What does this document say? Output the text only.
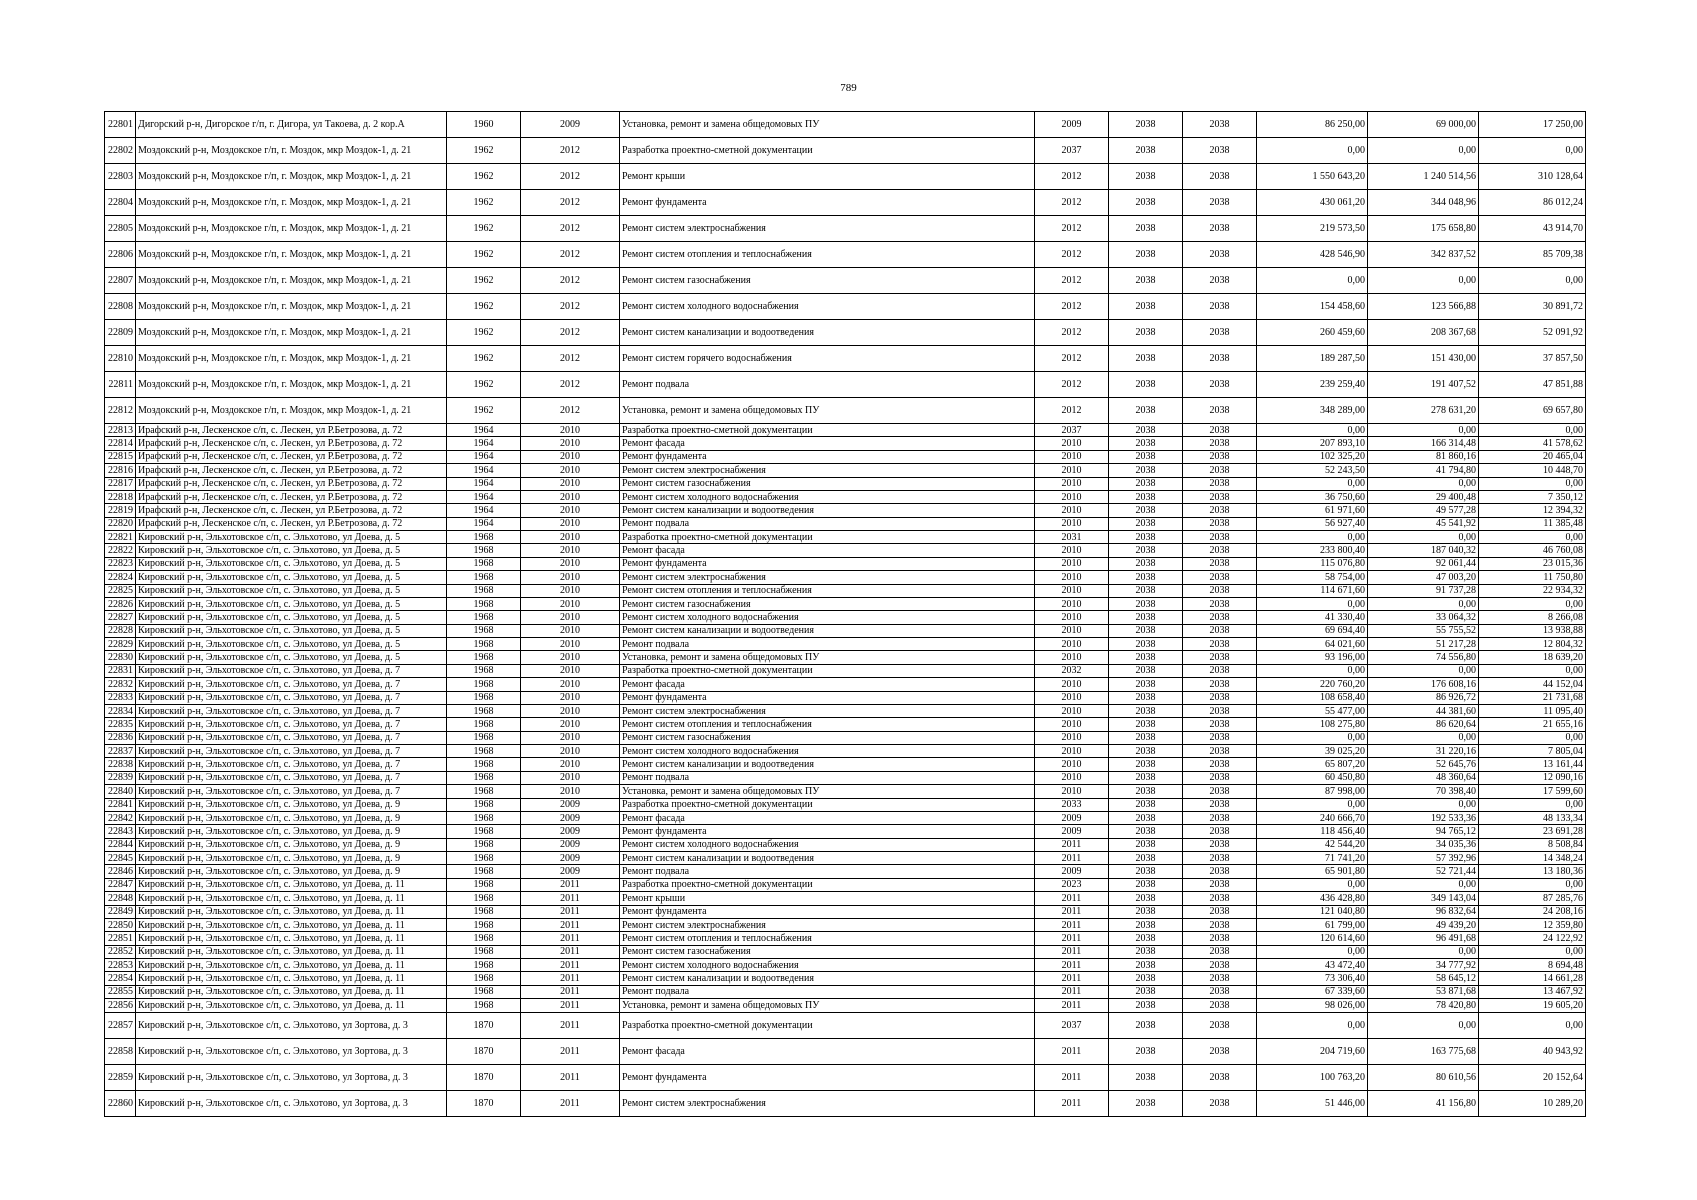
789
22801	Дигорский р-н, Дигорское г/п, г. Дигора, ул Такоева, д. 2 кор.А	1960	2009	Установка, ремонт и замена общедомовых ПУ	2009	2038	2038	86 250,00	69 000,00	17 250,00
22802	Моздокский р-н, Моздокское г/п, г. Моздок, мкр Моздок-1, д. 21	1962	2012	Разработка проектно-сметной документации	2037	2038	2038	0,00	0,00	0,00
22803	Моздокский р-н, Моздокское г/п, г. Моздок, мкр Моздок-1, д. 21	1962	2012	Ремонт крыши	2012	2038	2038	1 550 643,20	1 240 514,56	310 128,64
22804	Моздокский р-н, Моздокское г/п, г. Моздок, мкр Моздок-1, д. 21	1962	2012	Ремонт фундамента	2012	2038	2038	430 061,20	344 048,96	86 012,24
22805	Моздокский р-н, Моздокское г/п, г. Моздок, мкр Моздок-1, д. 21	1962	2012	Ремонт систем электроснабжения	2012	2038	2038	219 573,50	175 658,80	43 914,70
22806	Моздокский р-н, Моздокское г/п, г. Моздок, мкр Моздок-1, д. 21	1962	2012	Ремонт систем отопления и теплоснабжения	2012	2038	2038	428 546,90	342 837,52	85 709,38
22807	Моздокский р-н, Моздокское г/п, г. Моздок, мкр Моздок-1, д. 21	1962	2012	Ремонт систем газоснабжения	2012	2038	2038	0,00	0,00	0,00
22808	Моздокский р-н, Моздокское г/п, г. Моздок, мкр Моздок-1, д. 21	1962	2012	Ремонт систем холодного водоснабжения	2012	2038	2038	154 458,60	123 566,88	30 891,72
22809	Моздокский р-н, Моздокское г/п, г. Моздок, мкр Моздок-1, д. 21	1962	2012	Ремонт систем канализации и водоотведения	2012	2038	2038	260 459,60	208 367,68	52 091,92
22810	Моздокский р-н, Моздокское г/п, г. Моздок, мкр Моздок-1, д. 21	1962	2012	Ремонт систем горячего водоснабжения	2012	2038	2038	189 287,50	151 430,00	37 857,50
22811	Моздокский р-н, Моздокское г/п, г. Моздок, мкр Моздок-1, д. 21	1962	2012	Ремонт подвала	2012	2038	2038	239 259,40	191 407,52	47 851,88
22812	Моздокский р-н, Моздокское г/п, г. Моздок, мкр Моздок-1, д. 21	1962	2012	Установка, ремонт и замена общедомовых ПУ	2012	2038	2038	348 289,00	278 631,20	69 657,80
22813	Ирафский р-н, Лескенское с/п, с. Лескен, ул Р.Бетрозова, д. 72	1964	2010	Разработка проектно-сметной документации	2037	2038	2038	0,00	0,00	0,00
22814	Ирафский р-н, Лескенское с/п, с. Лескен, ул Р.Бетрозова, д. 72	1964	2010	Ремонт фасада	2010	2038	2038	207 893,10	166 314,48	41 578,62
22815	Ирафский р-н, Лескенское с/п, с. Лескен, ул Р.Бетрозова, д. 72	1964	2010	Ремонт фундамента	2010	2038	2038	102 325,20	81 860,16	20 465,04
22816	Ирафский р-н, Лескенское с/п, с. Лескен, ул Р.Бетрозова, д. 72	1964	2010	Ремонт систем электроснабжения	2010	2038	2038	52 243,50	41 794,80	10 448,70
22817	Ирафский р-н, Лескенское с/п, с. Лескен, ул Р.Бетрозова, д. 72	1964	2010	Ремонт систем газоснабжения	2010	2038	2038	0,00	0,00	0,00
22818	Ирафский р-н, Лескенское с/п, с. Лескен, ул Р.Бетрозова, д. 72	1964	2010	Ремонт систем холодного водоснабжения	2010	2038	2038	36 750,60	29 400,48	7 350,12
22819	Ирафский р-н, Лескенское с/п, с. Лескен, ул Р.Бетрозова, д. 72	1964	2010	Ремонт систем канализации и водоотведения	2010	2038	2038	61 971,60	49 577,28	12 394,32
22820	Ирафский р-н, Лескенское с/п, с. Лескен, ул Р.Бетрозова, д. 72	1964	2010	Ремонт подвала	2010	2038	2038	56 927,40	45 541,92	11 385,48
22821	Кировский р-н, Эльхотовское с/п, с. Эльхотово, ул Доева, д. 5	1968	2010	Разработка проектно-сметной документации	2031	2038	2038	0,00	0,00	0,00
22822	Кировский р-н, Эльхотовское с/п, с. Эльхотово, ул Доева, д. 5	1968	2010	Ремонт фасада	2010	2038	2038	233 800,40	187 040,32	46 760,08
22823	Кировский р-н, Эльхотовское с/п, с. Эльхотово, ул Доева, д. 5	1968	2010	Ремонт фундамента	2010	2038	2038	115 076,80	92 061,44	23 015,36
22824	Кировский р-н, Эльхотовское с/п, с. Эльхотово, ул Доева, д. 5	1968	2010	Ремонт систем электроснабжения	2010	2038	2038	58 754,00	47 003,20	11 750,80
22825	Кировский р-н, Эльхотовское с/п, с. Эльхотово, ул Доева, д. 5	1968	2010	Ремонт систем отопления и теплоснабжения	2010	2038	2038	114 671,60	91 737,28	22 934,32
22826	Кировский р-н, Эльхотовское с/п, с. Эльхотово, ул Доева, д. 5	1968	2010	Ремонт систем газоснабжения	2010	2038	2038	0,00	0,00	0,00
22827	Кировский р-н, Эльхотовское с/п, с. Эльхотово, ул Доева, д. 5	1968	2010	Ремонт систем холодного водоснабжения	2010	2038	2038	41 330,40	33 064,32	8 266,08
22828	Кировский р-н, Эльхотовское с/п, с. Эльхотово, ул Доева, д. 5	1968	2010	Ремонт систем канализации и водоотведения	2010	2038	2038	69 694,40	55 755,52	13 938,88
22829	Кировский р-н, Эльхотовское с/п, с. Эльхотово, ул Доева, д. 5	1968	2010	Ремонт подвала	2010	2038	2038	64 021,60	51 217,28	12 804,32
22830	Кировский р-н, Эльхотовское с/п, с. Эльхотово, ул Доева, д. 5	1968	2010	Установка, ремонт и замена общедомовых ПУ	2010	2038	2038	93 196,00	74 556,80	18 639,20
22831	Кировский р-н, Эльхотовское с/п, с. Эльхотово, ул Доева, д. 7	1968	2010	Разработка проектно-сметной документации	2032	2038	2038	0,00	0,00	0,00
22832	Кировский р-н, Эльхотовское с/п, с. Эльхотово, ул Доева, д. 7	1968	2010	Ремонт фасада	2010	2038	2038	220 760,20	176 608,16	44 152,04
22833	Кировский р-н, Эльхотовское с/п, с. Эльхотово, ул Доева, д. 7	1968	2010	Ремонт фундамента	2010	2038	2038	108 658,40	86 926,72	21 731,68
22834	Кировский р-н, Эльхотовское с/п, с. Эльхотово, ул Доева, д. 7	1968	2010	Ремонт систем электроснабжения	2010	2038	2038	55 477,00	44 381,60	11 095,40
22835	Кировский р-н, Эльхотовское с/п, с. Эльхотово, ул Доева, д. 7	1968	2010	Ремонт систем отопления и теплоснабжения	2010	2038	2038	108 275,80	86 620,64	21 655,16
22836	Кировский р-н, Эльхотовское с/п, с. Эльхотово, ул Доева, д. 7	1968	2010	Ремонт систем газоснабжения	2010	2038	2038	0,00	0,00	0,00
22837	Кировский р-н, Эльхотовское с/п, с. Эльхотово, ул Доева, д. 7	1968	2010	Ремонт систем холодного водоснабжения	2010	2038	2038	39 025,20	31 220,16	7 805,04
22838	Кировский р-н, Эльхотовское с/п, с. Эльхотово, ул Доева, д. 7	1968	2010	Ремонт систем канализации и водоотведения	2010	2038	2038	65 807,20	52 645,76	13 161,44
22839	Кировский р-н, Эльхотовское с/п, с. Эльхотово, ул Доева, д. 7	1968	2010	Ремонт подвала	2010	2038	2038	60 450,80	48 360,64	12 090,16
22840	Кировский р-н, Эльхотовское с/п, с. Эльхотово, ул Доева, д. 7	1968	2010	Установка, ремонт и замена общедомовых ПУ	2010	2038	2038	87 998,00	70 398,40	17 599,60
22841	Кировский р-н, Эльхотовское с/п, с. Эльхотово, ул Доева, д. 9	1968	2009	Разработка проектно-сметной документации	2033	2038	2038	0,00	0,00	0,00
22842	Кировский р-н, Эльхотовское с/п, с. Эльхотово, ул Доева, д. 9	1968	2009	Ремонт фасада	2009	2038	2038	240 666,70	192 533,36	48 133,34
22843	Кировский р-н, Эльхотовское с/п, с. Эльхотово, ул Доева, д. 9	1968	2009	Ремонт фундамента	2009	2038	2038	118 456,40	94 765,12	23 691,28
22844	Кировский р-н, Эльхотовское с/п, с. Эльхотово, ул Доева, д. 9	1968	2009	Ремонт систем холодного водоснабжения	2011	2038	2038	42 544,20	34 035,36	8 508,84
22845	Кировский р-н, Эльхотовское с/п, с. Эльхотово, ул Доева, д. 9	1968	2009	Ремонт систем канализации и водоотведения	2011	2038	2038	71 741,20	57 392,96	14 348,24
22846	Кировский р-н, Эльхотовское с/п, с. Эльхотово, ул Доева, д. 9	1968	2009	Ремонт подвала	2009	2038	2038	65 901,80	52 721,44	13 180,36
22847	Кировский р-н, Эльхотовское с/п, с. Эльхотово, ул Доева, д. 11	1968	2011	Разработка проектно-сметной документации	2023	2038	2038	0,00	0,00	0,00
22848	Кировский р-н, Эльхотовское с/п, с. Эльхотово, ул Доева, д. 11	1968	2011	Ремонт крыши	2011	2038	2038	436 428,80	349 143,04	87 285,76
22849	Кировский р-н, Эльхотовское с/п, с. Эльхотово, ул Доева, д. 11	1968	2011	Ремонт фундамента	2011	2038	2038	121 040,80	96 832,64	24 208,16
22850	Кировский р-н, Эльхотовское с/п, с. Эльхотово, ул Доева, д. 11	1968	2011	Ремонт систем электроснабжения	2011	2038	2038	61 799,00	49 439,20	12 359,80
22851	Кировский р-н, Эльхотовское с/п, с. Эльхотово, ул Доева, д. 11	1968	2011	Ремонт систем отопления и теплоснабжения	2011	2038	2038	120 614,60	96 491,68	24 122,92
22852	Кировский р-н, Эльхотовское с/п, с. Эльхотово, ул Доева, д. 11	1968	2011	Ремонт систем газоснабжения	2011	2038	2038	0,00	0,00	0,00
22853	Кировский р-н, Эльхотовское с/п, с. Эльхотово, ул Доева, д. 11	1968	2011	Ремонт систем холодного водоснабжения	2011	2038	2038	43 472,40	34 777,92	8 694,48
22854	Кировский р-н, Эльхотовское с/п, с. Эльхотово, ул Доева, д. 11	1968	2011	Ремонт систем канализации и водоотведения	2011	2038	2038	73 306,40	58 645,12	14 661,28
22855	Кировский р-н, Эльхотовское с/п, с. Эльхотово, ул Доева, д. 11	1968	2011	Ремонт подвала	2011	2038	2038	67 339,60	53 871,68	13 467,92
22856	Кировский р-н, Эльхотовское с/п, с. Эльхотово, ул Доева, д. 11	1968	2011	Установка, ремонт и замена общедомовых ПУ	2011	2038	2038	98 026,00	78 420,80	19 605,20
22857	Кировский р-н, Эльхотовское с/п, с. Эльхотово, ул Зортова, д. 3	1870	2011	Разработка проектно-сметной документации	2037	2038	2038	0,00	0,00	0,00
22858	Кировский р-н, Эльхотовское с/п, с. Эльхотово, ул Зортова, д. 3	1870	2011	Ремонт фасада	2011	2038	2038	204 719,60	163 775,68	40 943,92
22859	Кировский р-н, Эльхотовское с/п, с. Эльхотово, ул Зортова, д. 3	1870	2011	Ремонт фундамента	2011	2038	2038	100 763,20	80 610,56	20 152,64
22860	Кировский р-н, Эльхотовское с/п, с. Эльхотово, ул Зортова, д. 3	1870	2011	Ремонт систем электроснабжения	2011	2038	2038	51 446,00	41 156,80	10 289,20
